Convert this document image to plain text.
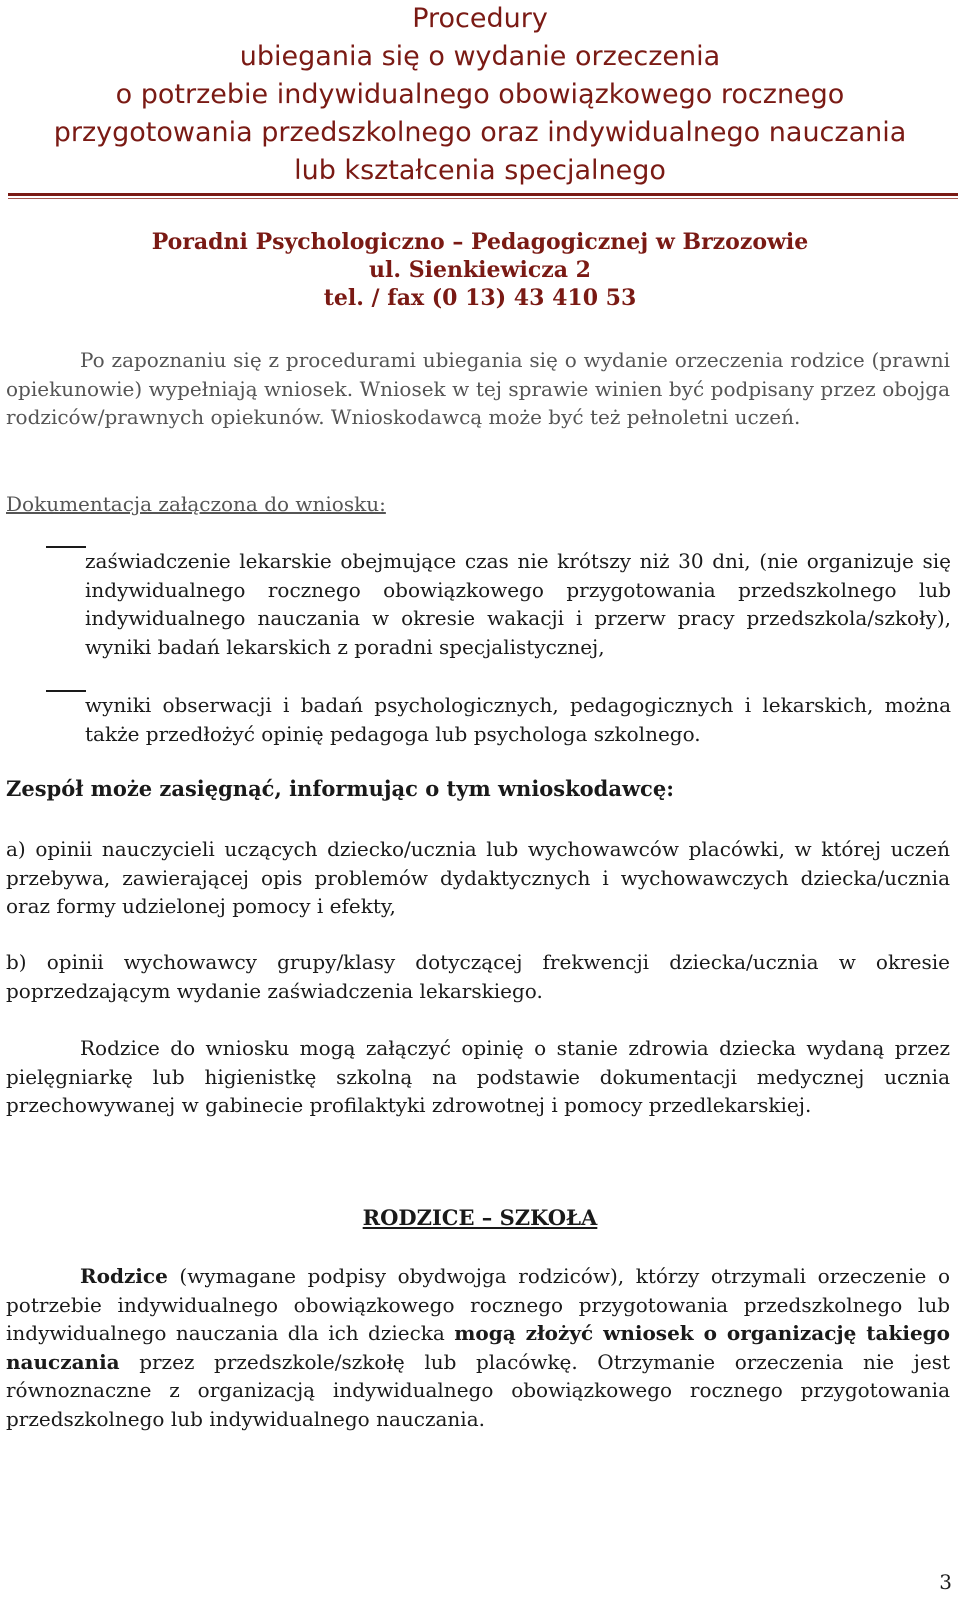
Procedury
ubiegania się o wydanie orzeczenia
o potrzebie indywidualnego obowiązkowego rocznego
przygotowania przedszkolnego oraz indywidualnego nauczania
lub kształcenia specjalnego
Poradni Psychologiczno – Pedagogicznej w Brzozowie
ul. Sienkiewicza 2
tel. / fax (0 13) 43 410 53
Po zapoznaniu się z procedurami ubiegania się o wydanie orzeczenia rodzice (prawni opiekunowie) wypełniają wniosek. Wniosek w tej sprawie winien być podpisany przez obojga rodziców/prawnych opiekunów. Wnioskodawcą może być też pełnoletni uczeń.
Dokumentacja załączona do wniosku:
zaświadczenie lekarskie obejmujące czas nie krótszy niż 30 dni, (nie organizuje się indywidualnego rocznego obowiązkowego przygotowania przedszkolnego lub indywidualnego nauczania w okresie wakacji i przerw pracy przedszkola/szkoły), wyniki badań lekarskich z poradni specjalistycznej,
wyniki obserwacji i badań psychologicznych, pedagogicznych i lekarskich, można także przedłożyć opinię pedagoga lub psychologa szkolnego.
Zespół może zasięgnąć, informując o tym wnioskodawcę:
a) opinii nauczycieli uczących dziecko/ucznia lub wychowawców placówki, w której uczeń przebywa, zawierającej opis problemów dydaktycznych i wychowawczych dziecka/ucznia oraz formy udzielonej pomocy i efekty,
b) opinii wychowawcy grupy/klasy dotyczącej frekwencji dziecka/ucznia w okresie poprzedzającym wydanie zaświadczenia lekarskiego.
Rodzice do wniosku mogą załączyć opinię o stanie zdrowia dziecka wydaną przez pielęgniarkę lub higienistkę szkolną na podstawie dokumentacji medycznej ucznia przechowywanej w gabinecie profilaktyki zdrowotnej i pomocy przedlekarskiej.
RODZICE – SZKOŁA
Rodzice (wymagane podpisy obydwojga rodziców), którzy otrzymali orzeczenie o potrzebie indywidualnego obowiązkowego rocznego przygotowania przedszkolnego lub indywidualnego nauczania dla ich dziecka mogą złożyć wniosek o organizację takiego nauczania przez przedszkole/szkołę lub placówkę. Otrzymanie orzeczenia nie jest równoznaczne z organizacją indywidualnego obowiązkowego rocznego przygotowania przedszkolnego lub indywidualnego nauczania.
3
